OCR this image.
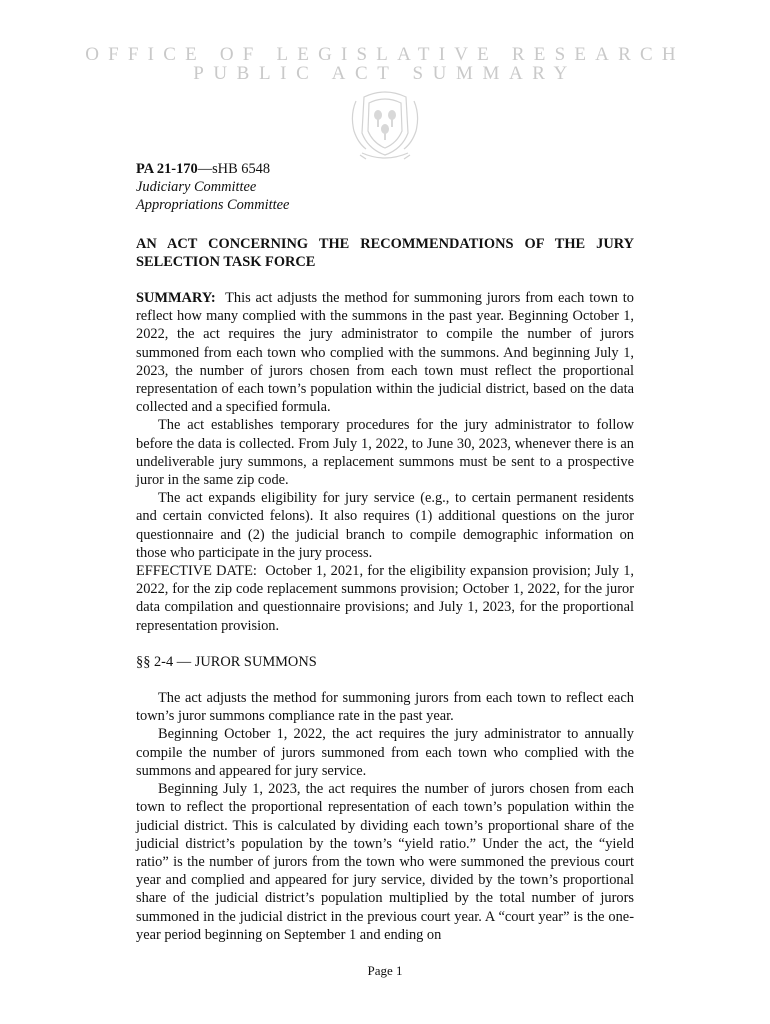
OFFICE OF LEGISLATIVE RESEARCH
PUBLIC ACT SUMMARY
PA 21-170—sHB 6548
Judiciary Committee
Appropriations Committee
AN ACT CONCERNING THE RECOMMENDATIONS OF THE JURY SELECTION TASK FORCE

SUMMARY: This act adjusts the method for summoning jurors from each town to reflect how many complied with the summons in the past year. Beginning October 1, 2022, the act requires the jury administrator to compile the number of jurors summoned from each town who complied with the summons. And beginning July 1, 2023, the number of jurors chosen from each town must reflect the proportional representation of each town’s population within the judicial district, based on the data collected and a specified formula.

The act establishes temporary procedures for the jury administrator to follow before the data is collected. From July 1, 2022, to June 30, 2023, whenever there is an undeliverable jury summons, a replacement summons must be sent to a prospective juror in the same zip code.

The act expands eligibility for jury service (e.g., to certain permanent residents and certain convicted felons). It also requires (1) additional questions on the juror questionnaire and (2) the judicial branch to compile demographic information on those who participate in the jury process.

EFFECTIVE DATE: October 1, 2021, for the eligibility expansion provision; July 1, 2022, for the zip code replacement summons provision; October 1, 2022, for the juror data compilation and questionnaire provisions; and July 1, 2023, for the proportional representation provision.

§§ 2-4 — JUROR SUMMONS

The act adjusts the method for summoning jurors from each town to reflect each town’s juror summons compliance rate in the past year.

Beginning October 1, 2022, the act requires the jury administrator to annually compile the number of jurors summoned from each town who complied with the summons and appeared for jury service.

Beginning July 1, 2023, the act requires the number of jurors chosen from each town to reflect the proportional representation of each town’s population within the judicial district. This is calculated by dividing each town’s proportional share of the judicial district’s population by the town’s “yield ratio.” Under the act, the “yield ratio” is the number of jurors from the town who were summoned the previous court year and complied and appeared for jury service, divided by the town’s proportional share of the judicial district’s population multiplied by the total number of jurors summoned in the judicial district in the previous court year. A “court year” is the one-year period beginning on September 1 and ending on

Page 1
